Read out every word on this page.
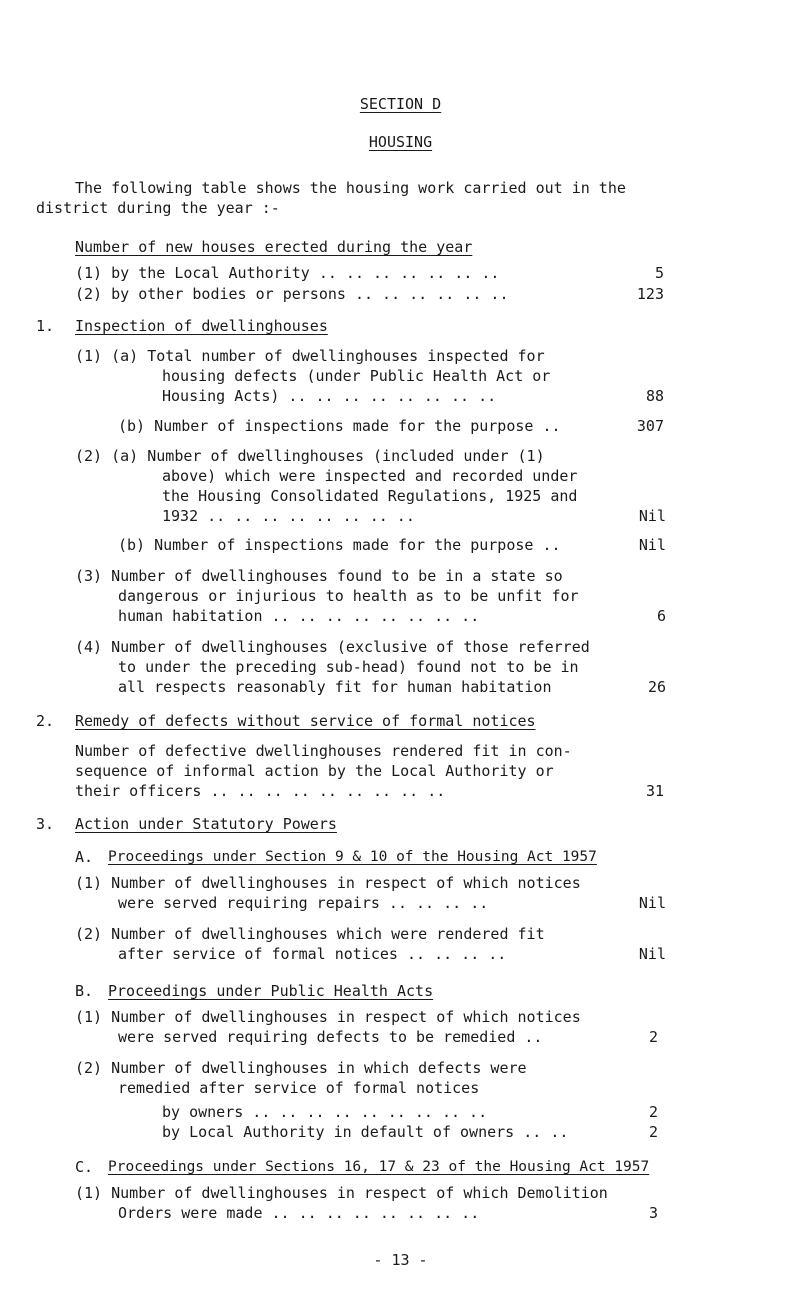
SECTION D
HOUSING
The following table shows the housing work carried out in the
district during the year :-
Number of new houses erected during the year
(1) by the Local Authority .. .. .. .. .. .. ..	5
(2) by other bodies or persons .. .. .. .. .. ..	123
1. Inspection of dwellinghouses
(1) (a) Total number of dwellinghouses inspected for
housing defects (under Public Health Act or
Housing Acts) .. .. .. .. .. .. .. ..	88
(b) Number of inspections made for the purpose ..	307
(2) (a) Number of dwellinghouses (included under (1)
above) which were inspected and recorded under
the Housing Consolidated Regulations, 1925 and
1932 .. .. .. .. .. .. .. ..	Nil
(b) Number of inspections made for the purpose ..	Nil
(3) Number of dwellinghouses found to be in a state so
dangerous or injurious to health as to be unfit for
human habitation .. .. .. .. .. .. .. ..	6
(4) Number of dwellinghouses (exclusive of those referred
to under the preceding sub-head) found not to be in
all respects reasonably fit for human habitation	26
2. Remedy of defects without service of formal notices
Number of defective dwellinghouses rendered fit in con-
sequence of informal action by the Local Authority or
their officers .. .. .. .. .. .. .. .. ..	31
3. Action under Statutory Powers
A. Proceedings under Section 9 & 10 of the Housing Act 1957
(1) Number of dwellinghouses in respect of which notices
were served requiring repairs .. .. .. ..	Nil
(2) Number of dwellinghouses which were rendered fit
after service of formal notices .. .. .. ..	Nil
B. Proceedings under Public Health Acts
(1) Number of dwellinghouses in respect of which notices
were served requiring defects to be remedied ..	2
(2) Number of dwellinghouses in which defects were
remedied after service of formal notices
by owners .. .. .. .. .. .. .. .. ..	2
by Local Authority in default of owners .. ..	2
C. Proceedings under Sections 16, 17 & 23 of the Housing Act 1957
(1) Number of dwellinghouses in respect of which Demolition
Orders were made .. .. .. .. .. .. .. ..	3
- 13 -
